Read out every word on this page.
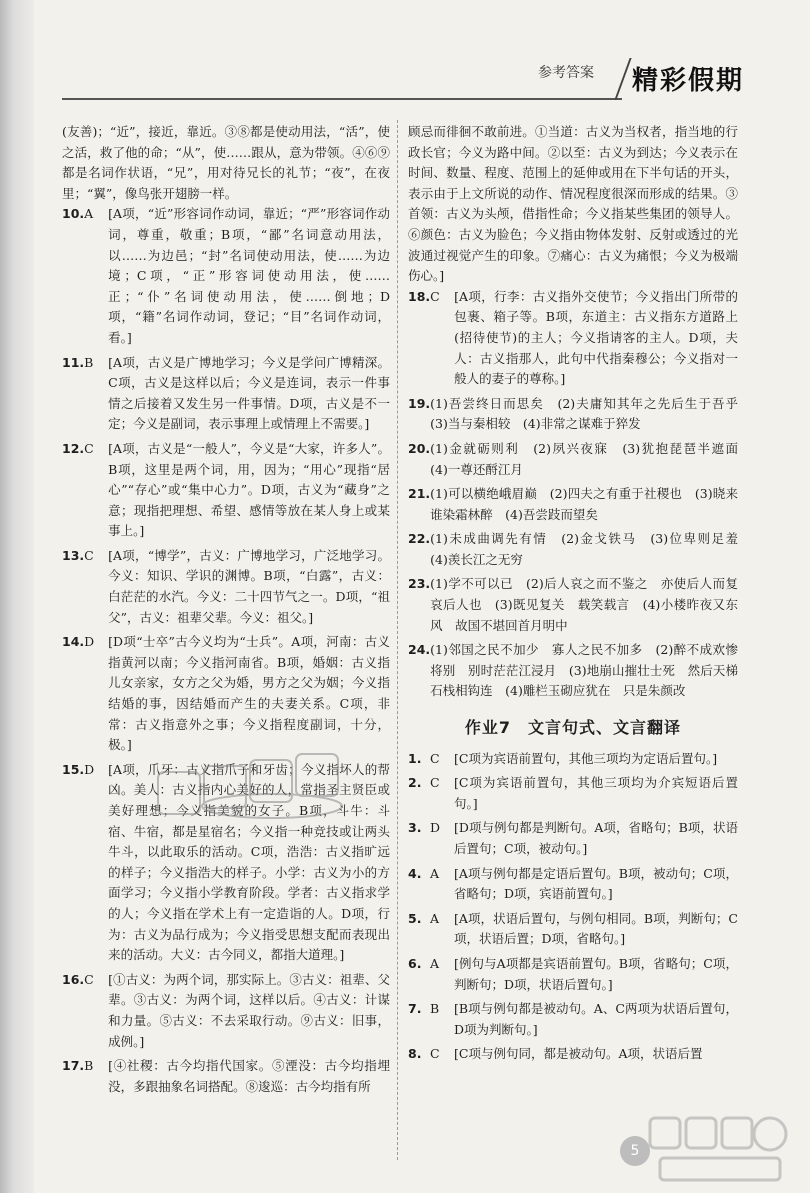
参考答案 精彩假期

(友善)；“近”，接近，靠近。③⑧都是使动用法，“活”，使之活，救了他的命；“从”，使……跟从，意为带领。④⑥⑨都是名词作状语，“兄”，用对待兄长的礼节；“夜”，在夜里；“翼”，像鸟张开翅膀一样。

10. A	[A项，“近”形容词作动词，靠近；“严”形容词作动词，尊重，敬重；B项，“鄙”名词意动用法，以……为边邑；“封”名词使动用法，使……为边境；C项，“正”形容词使动用法，使……正；“仆”名词使动用法，使……倒地；D项，“籍”名词作动词，登记；“目”名词作动词，看。]
11. B	[A项，古义是广博地学习；今义是学问广博精深。C项，古义是这样以后；今义是连词，表示一件事情之后接着又发生另一件事情。D项，古义是不一定；今义是副词，表示事理上或情理上不需要。]
12. C	[A项，古义是“一般人”，今义是“大家，许多人”。B项，这里是两个词，用，因为；“用心”现指“居心”“存心”或“集中心力”。D项，古义为“藏身”之意；现指把理想、希望、感情等放在某人身上或某事上。]
13. C	[A项，“博学”，古义：广博地学习，广泛地学习。今义：知识、学识的渊博。B项，“白露”，古义：白茫茫的水汽。今义：二十四节气之一。D项，“祖父”，古义：祖辈父辈。今义：祖父。]
14. D	[D项“士卒”古今义均为“士兵”。A项，河南：古义指黄河以南；今义指河南省。B项，婚姻：古义指儿女亲家，女方之父为婚，男方之父为姻；今义指结婚的事，因结婚而产生的夫妻关系。C项，非常：古义指意外之事；今义指程度副词，十分，极。]
15. D	[A项，爪牙：古义指爪子和牙齿；今义指坏人的帮凶。美人：古义指内心美好的人，常指圣主贤臣或美好理想；今义指美貌的女子。B项，斗牛：斗宿、牛宿，都是星宿名；今义指一种竞技或让两头牛斗，以此取乐的活动。C项，浩浩：古义指旷远的样子；今义指浩大的样子。小学：古义为小的方面学习；今义指小学教育阶段。学者：古义指求学的人；今义指在学术上有一定造诣的人。D项，行为：古义为品行成为；今义指受思想支配而表现出来的活动。大义：古今同义，都指大道理。]
16. C	[①古义：为两个词，那实际上。③古义：祖辈、父辈。③古义：为两个词，这样以后。④古义：计谋和力量。⑤古义：不去采取行动。⑨古义：旧事，成例。]
17. B	[④社稷：古今均指代国家。⑤湮没：古今均指埋没，多跟抽象名词搭配。⑧逡巡：古今均指有所

顾忌而徘徊不敢前进。①当道：古义为当权者，指当地的行政长官；今义为路中间。②以至：古义为到达；今义表示在时间、数量、程度、范围上的延伸或用在下半句话的开头，表示由于上文所说的动作、情况程度很深而形成的结果。③首领：古义为头颅，借指性命；今义指某些集团的领导人。⑥颜色：古义为脸色；今义指由物体发射、反射或透过的光波通过视觉产生的印象。⑦痛心：古义为痛恨；今义为极端伤心。]

18. C	[A项，行李：古义指外交使节；今义指出门所带的包裹、箱子等。B项，东道主：古义指东方道路上(招待使节)的主人；今义指请客的主人。D项，夫人：古义指那人，此句中代指秦穆公；今义指对一般人的妻子的尊称。]
19. (1)吾尝终日而思矣　(2)夫庸知其年之先后生于吾乎　(3)当与秦相较　(4)非常之谋难于猝发
20. (1)金就砺则利　(2)夙兴夜寐　(3)犹抱琵琶半遮面　(4)一尊还酹江月
21. (1)可以横绝峨眉巅　(2)四夫之有重于社稷也　(3)晓来谁染霜林醉　(4)吾尝跂而望矣
22. (1)未成曲调先有情　(2)金戈铁马　(3)位卑则足羞　(4)羡长江之无穷
23. (1)学不可以已　(2)后人哀之而不鉴之　亦使后人而复哀后人也　(3)既见复关　载笑载言　(4)小楼昨夜又东风　故国不堪回首月明中
24. (1)邻国之民不加少　寡人之民不加多　(2)醉不成欢惨将别　别时茫茫江浸月　(3)地崩山摧壮士死　然后天梯石栈相钩连　(4)雕栏玉砌应犹在　只是朱颜改
作业7　文言句式、文言翻译
1. C	[C项为宾语前置句，其他三项均为定语后置句。]
2. C	[C项为宾语前置句，其他三项均为介宾短语后置句。]
3. D	[D项与例句都是判断句。A项，省略句；B项，状语后置句；C项，被动句。]
4. A	[A项与例句都是定语后置句。B项，被动句；C项，省略句；D项，宾语前置句。]
5. A	[A项，状语后置句，与例句相同。B项，判断句；C项，状语后置；D项，省略句。]
6. A	[例句与A项都是宾语前置句。B项，省略句；C项，判断句；D项，状语后置句。]
7. B	[B项与例句都是被动句。A、C两项为状语后置句，D项为判断句。]
8. C	[C项与例句同，都是被动句。A项，状语后置
5
